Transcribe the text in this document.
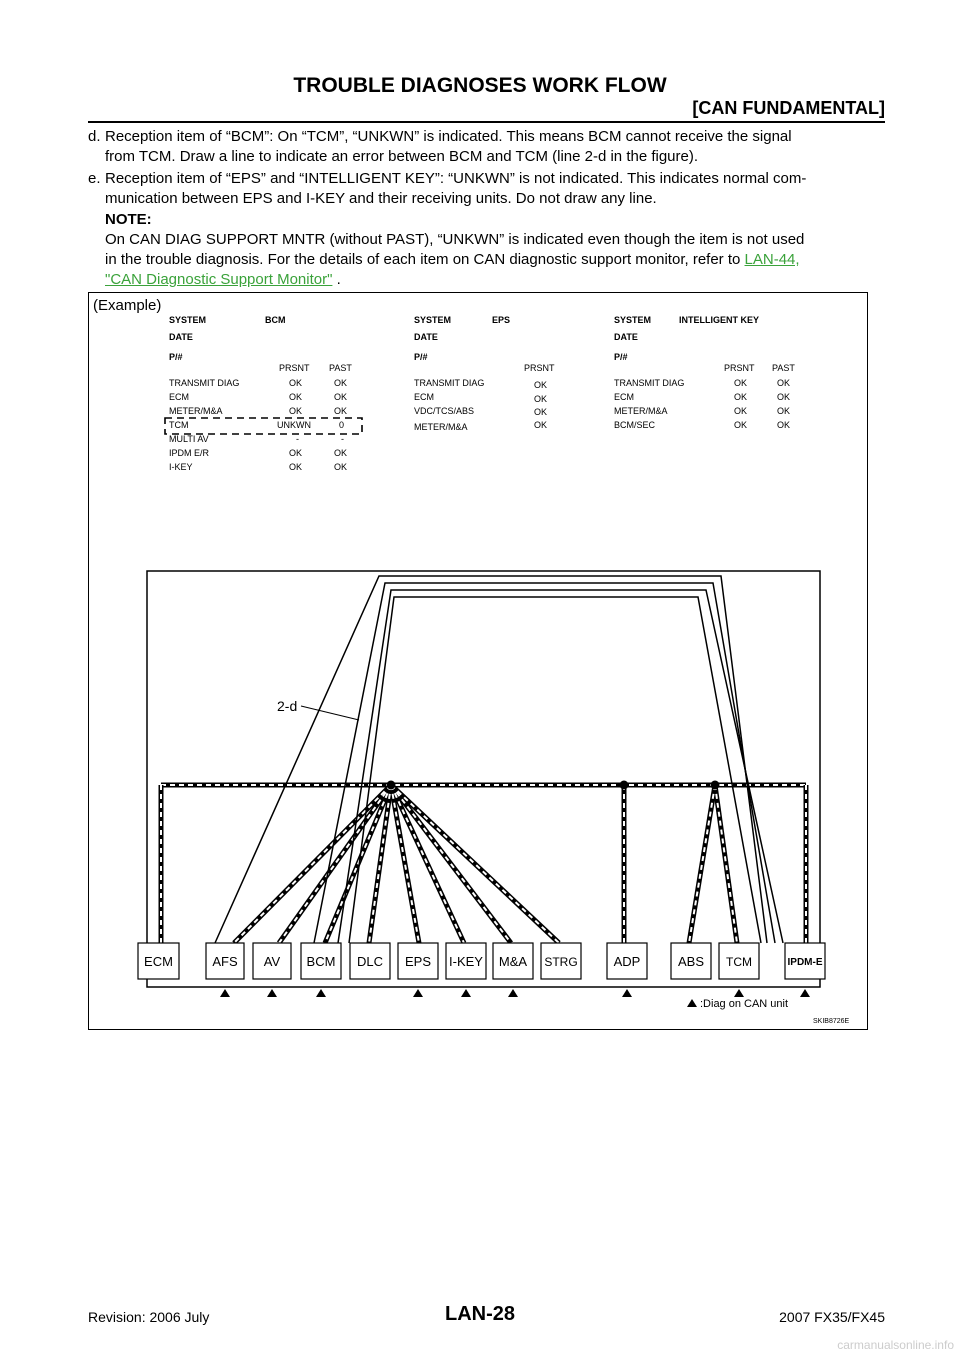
TROUBLE DIAGNOSES WORK FLOW
[CAN FUNDAMENTAL]
d. Reception item of “BCM”: On “TCM”, “UNKWN” is indicated. This means BCM cannot receive the signal
from TCM. Draw a line to indicate an error between BCM and TCM (line 2-d in the figure).
e. Reception item of “EPS” and “INTELLIGENT KEY”: “UNKWN” is not indicated. This indicates normal com-
munication between EPS and I-KEY and their receiving units. Do not draw any line.
NOTE:
On CAN DIAG SUPPORT MNTR (without PAST), “UNKWN” is indicated even though the item is not used
in the trouble diagnosis. For the details of each item on CAN diagnostic support monitor, refer to LAN-44,
"CAN Diagnostic Support Monitor" .
(Example)
SYSTEM	BCM
DATE
P/#
PRSNT PAST
TRANSMIT DIAG	OK	OK
ECM	OK	OK
METER/M&A	OK	OK
TCM	UNKWN	0
MULTI AV	-	-
IPDM E/R	OK	OK
I-KEY	OK	OK
SYSTEM	EPS
DATE
P/#
PRSNT
TRANSMIT DIAG	OK
ECM	OK
VDC/TCS/ABS	OK
METER/M&A	OK
SYSTEM	INTELLIGENT KEY
DATE
P/#
PRSNT PAST
TRANSMIT DIAG	OK	OK
ECM	OK	OK
METER/M&A	OK	OK
BCM/SEC	OK	OK
2-d
ECM	AFS AV BCM DLC EPS I-KEY M&A STRG	ADP	ABS TCM	IPDM-E
:Diag on CAN unit
SKIB8726E
Revision: 2006 July	LAN-28	2007 FX35/FX45
carmanualsonline.info
